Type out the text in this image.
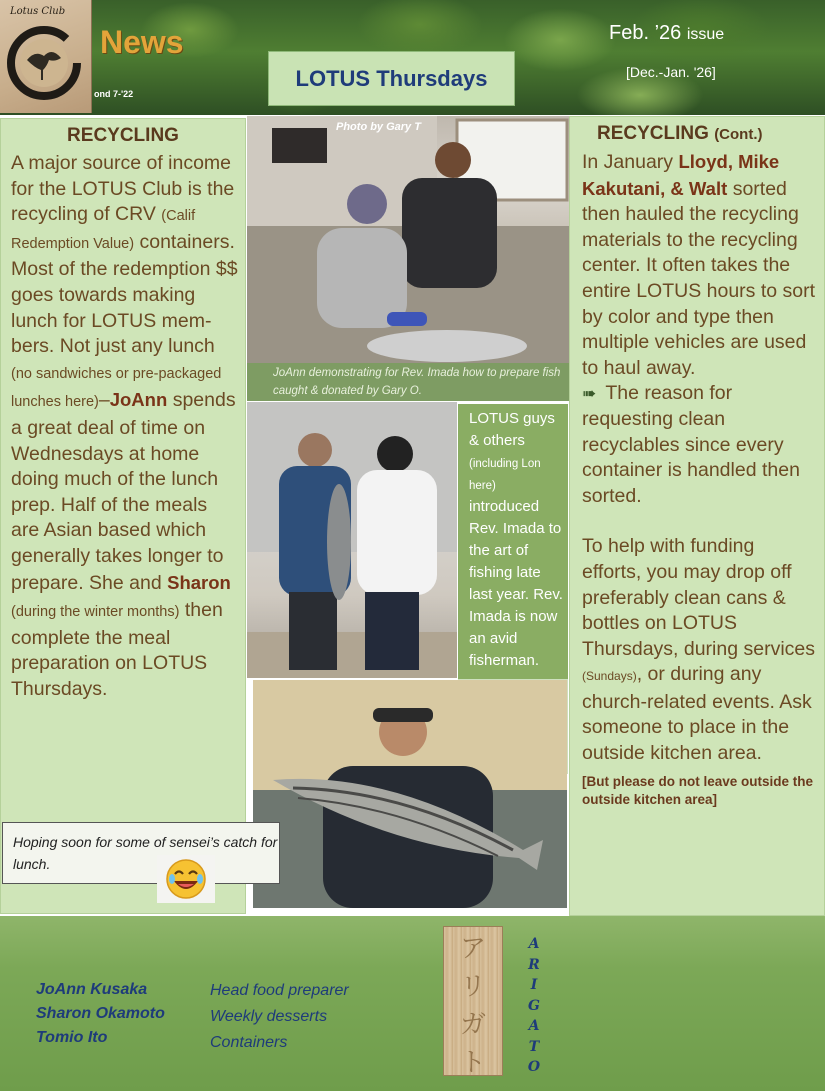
Lotus Club
News
ond 7-'22
LOTUS Thursdays
Feb. ’26 issue
[Dec.-Jan. '26]
RECYCLING
A major source of income for the LOTUS Club is the recycling of CRV (Calif Redemption Value) containers. Most of the redemption $$ goes towards making lunch for LOTUS mem-bers. Not just any lunch (no sandwiches or pre-packaged lunches here)–JoAnn spends a great deal of time on Wednesdays at home doing much of the lunch prep. Half of the meals are Asian based which generally takes longer to prepare. She and Sharon (during the winter months) then complete the meal preparation on LOTUS Thursdays.
Photo by Gary T

JoAnn demonstrating for Rev. Imada how to prepare fish caught & donated by Gary O.

LOTUS guys & others (including Lon here) introduced Rev. Imada to the art of fishing late last year. Rev. Imada is now an avid fisherman.

RECYCLING (Cont.)
In January Lloyd, Mike Kakutani, & Walt sorted then hauled the recycling materials to the recycling center. It often takes the entire LOTUS hours to sort by color and type then multiple vehicles are used to haul away.
➠ The reason for requesting clean recyclables since every container is handled then sorted.
To help with funding efforts, you may drop off preferably clean cans & bottles on LOTUS Thursdays, during services (Sundays), or during any church-related events. Ask someone to place in the outside kitchen area.
[But please do not leave outside the outside kitchen area]

Hoping soon for some of sensei’s catch for lunch.

JoAnn Kusaka
Sharon Okamoto
Tomio Ito
Head food preparer
Weekly desserts
Containers
ア
リ
ガ
ト
A
R
I
G
A
T
O
